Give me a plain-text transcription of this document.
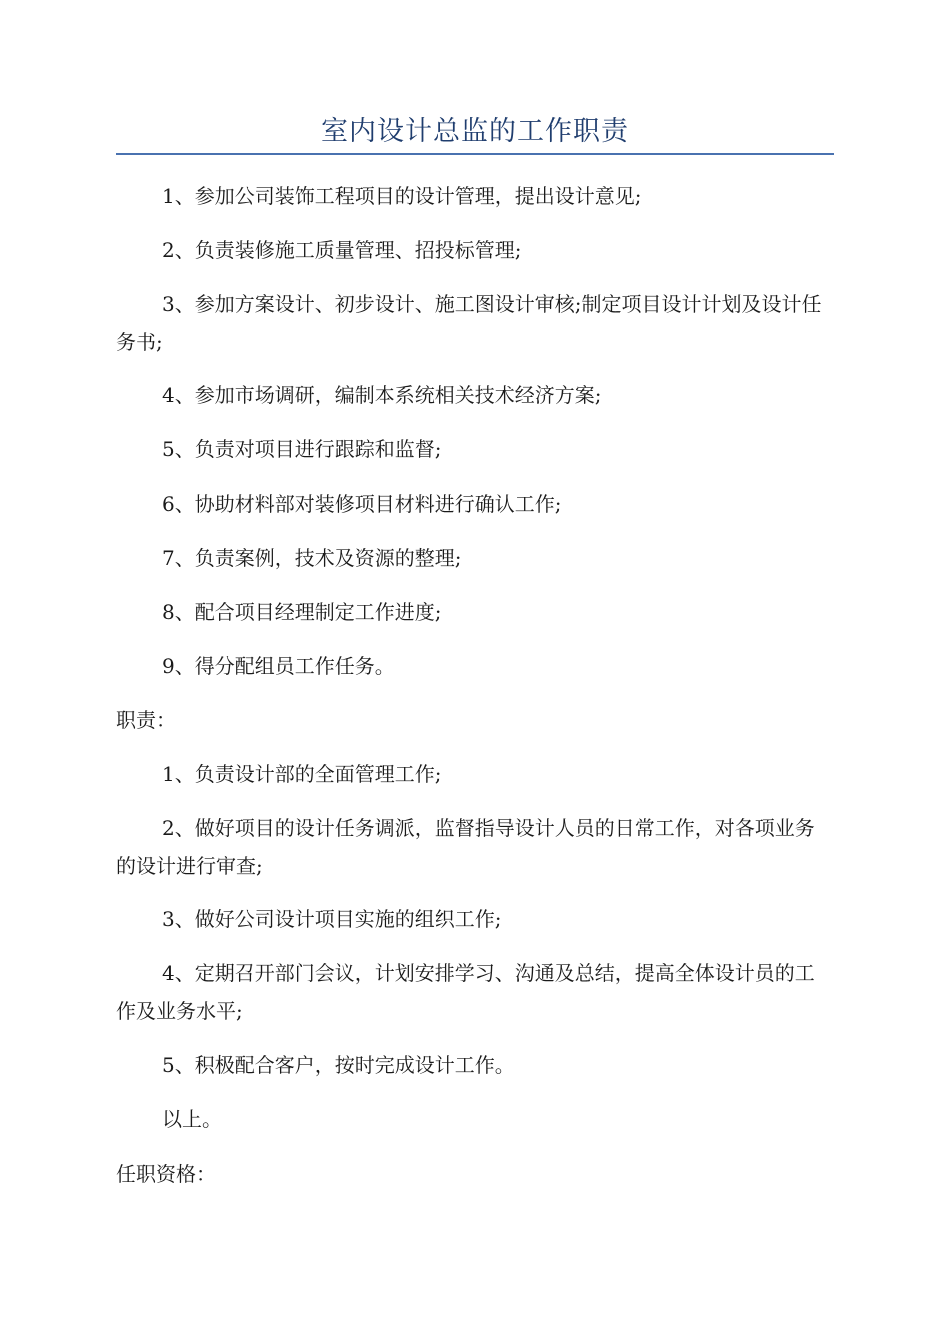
室内设计总监的工作职责

1、参加公司装饰工程项目的设计管理，提出设计意见;

2、负责装修施工质量管理、招投标管理;

3、参加方案设计、初步设计、施工图设计审核;制定项目设计计划及设计任务书;

4、参加市场调研，编制本系统相关技术经济方案;

5、负责对项目进行跟踪和监督;

6、协助材料部对装修项目材料进行确认工作;

7、负责案例，技术及资源的整理;

8、配合项目经理制定工作进度;

9、得分配组员工作任务。

职责：

1、负责设计部的全面管理工作;

2、做好项目的设计任务调派，监督指导设计人员的日常工作，对各项业务的设计进行审查;

3、做好公司设计项目实施的组织工作;

4、定期召开部门会议，计划安排学习、沟通及总结，提高全体设计员的工作及业务水平;

5、积极配合客户，按时完成设计工作。

以上。

任职资格：
